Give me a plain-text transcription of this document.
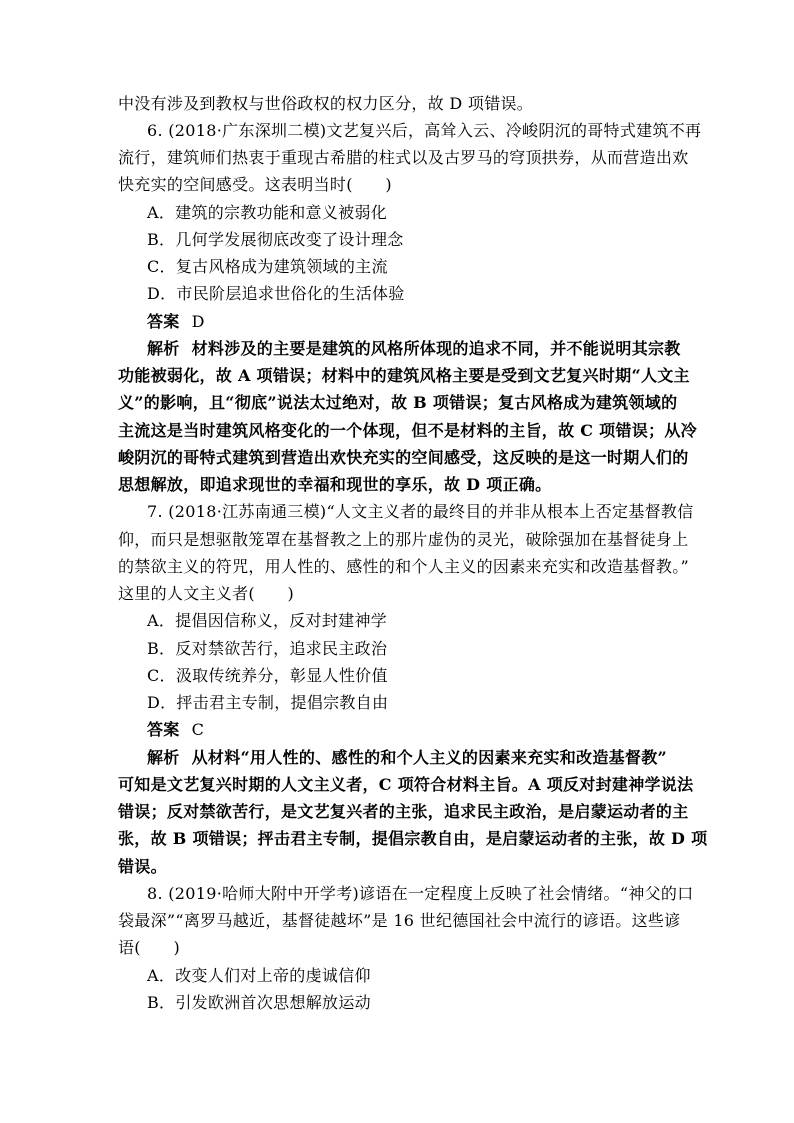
中没有涉及到教权与世俗政权的权力区分，故 D 项错误。
6. (2018·广东深圳二模)文艺复兴后，高耸入云、冷峻阴沉的哥特式建筑不再
流行，建筑师们热衷于重现古希腊的柱式以及古罗马的穹顶拱券，从而营造出欢
快充实的空间感受。这表明当时(　　)
A．建筑的宗教功能和意义被弱化
B．几何学发展彻底改变了设计理念
C．复古风格成为建筑领域的主流
D．市民阶层追求世俗化的生活体验
答案 D
解析 材料涉及的主要是建筑的风格所体现的追求不同，并不能说明其宗教
功能被弱化，故 A 项错误；材料中的建筑风格主要是受到文艺复兴时期“人文主
义”的影响，且“彻底”说法太过绝对，故 B 项错误；复古风格成为建筑领域的
主流这是当时建筑风格变化的一个体现，但不是材料的主旨，故 C 项错误；从冷
峻阴沉的哥特式建筑到营造出欢快充实的空间感受，这反映的是这一时期人们的
思想解放，即追求现世的幸福和现世的享乐，故 D 项正确。
7. (2018·江苏南通三模)“人文主义者的最终目的并非从根本上否定基督教信
仰，而只是想驱散笼罩在基督教之上的那片虚伪的灵光，破除强加在基督徒身上
的禁欲主义的符咒，用人性的、感性的和个人主义的因素来充实和改造基督教。”
这里的人文主义者(　　)
A．提倡因信称义，反对封建神学
B．反对禁欲苦行，追求民主政治
C．汲取传统养分，彰显人性价值
D．抨击君主专制，提倡宗教自由
答案 C
解析 从材料“用人性的、感性的和个人主义的因素来充实和改造基督教”
可知是文艺复兴时期的人文主义者，C 项符合材料主旨。A 项反对封建神学说法
错误；反对禁欲苦行，是文艺复兴者的主张，追求民主政治，是启蒙运动者的主
张，故 B 项错误；抨击君主专制，提倡宗教自由，是启蒙运动者的主张，故 D 项
错误。
8. (2019·哈师大附中开学考)谚语在一定程度上反映了社会情绪。“神父的口
袋最深”“离罗马越近，基督徒越坏”是 16 世纪德国社会中流行的谚语。这些谚
语(　　)
A．改变人们对上帝的虔诚信仰
B．引发欧洲首次思想解放运动
